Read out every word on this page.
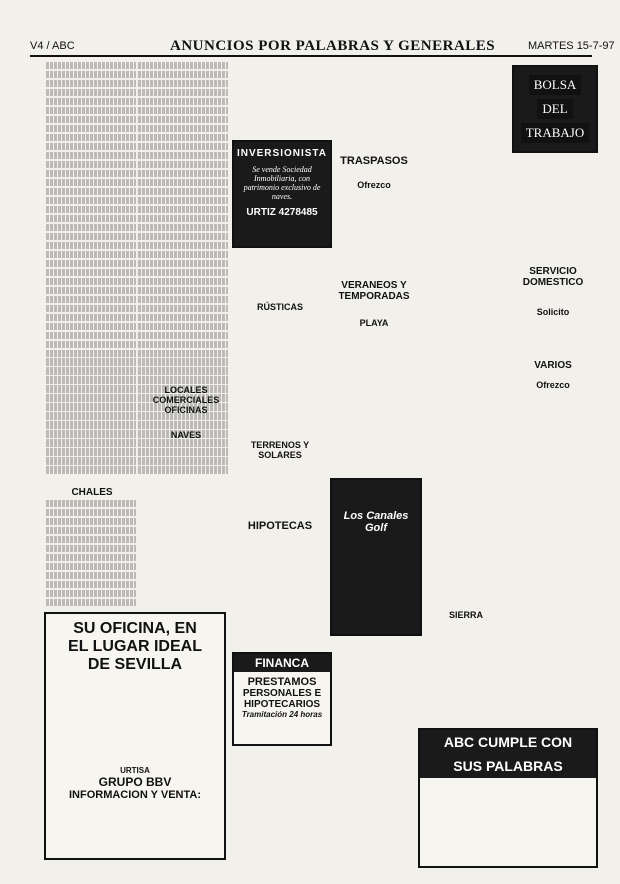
V4 / ABC	ANUNCIOS POR PALABRAS Y GENERALES	MARTES 15-7-97
CHALES
SU OFICINA, EN
EL LUGAR IDEAL
DE SEVILLA
URTISA
GRUPO BBV
INFORMACION Y VENTA:
LOCALES COMERCIALES OFICINAS
NAVES
INVERSIONISTA
Se vende Sociedad Inmobiliaria, con patrimonio exclusivo de naves.
URTIZ 4278485
RÚSTICAS
TERRENOS Y SOLARES
HIPOTECAS
FINANCA
PRESTAMOS
PERSONALES E
HIPOTECARIOS
Tramitación 24 horas
TRASPASOS
Ofrezco
VERANEOS Y TEMPORADAS
PLAYA
Los Canales Golf
SIERRA
BOLSA
DEL
TRABAJO
SERVICIO DOMESTICO
Solicito
VARIOS
Ofrezco
ABC CUMPLE CON
SUS PALABRAS
